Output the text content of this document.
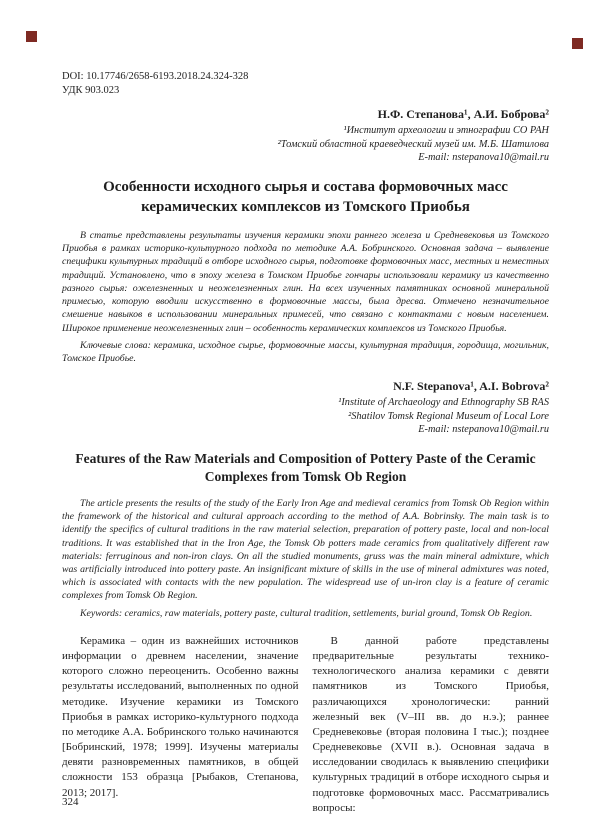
DOI: 10.17746/2658-6193.2018.24.324-328
УДК 903.023
Н.Ф. Степанова¹, А.И. Боброва²
¹Институт археологии и этнографии СО РАН
²Томский областной краеведческий музей им. М.Б. Шатилова
E-mail: nstepanova10@mail.ru
Особенности исходного сырья и состава формовочных масс керамических комплексов из Томского Приобья

В статье представлены результаты изучения керамики эпохи раннего железа и Средневековья из Томского Приобья в рамках историко-культурного подхода по методике А.А. Бобринского. Основная задача – выявление специфики культурных традиций в отборе исходного сырья, подготовке формовочных масс, местных и неместных традиций. Установлено, что в эпоху железа в Томском Приобье гончары использовали керамику из качественно разного сырья: ожелезненных и неожелезненных глин. На всех изученных памятниках основной минеральной примесью, которую вводили искусственно в формовочные массы, была дресва. Отмечено незначительное смешение навыков в использовании минеральных примесей, что связано с контактами с новым населением. Широкое применение неожелезненных глин – особенность керамических комплексов из Томского Приобья.

Ключевые слова: керамика, исходное сырье, формовочные массы, культурная традиция, городища, могильник, Томское Приобье.

N.F. Stepanova¹, A.I. Bobrova²
¹Institute of Archaeology and Ethnography SB RAS
²Shatilov Tomsk Regional Museum of Local Lore
E-mail: nstepanova10@mail.ru
Features of the Raw Materials and Composition of Pottery Paste of the Ceramic Complexes from Tomsk Ob Region

The article presents the results of the study of the Early Iron Age and medieval ceramics from Tomsk Ob Region within the framework of the historical and cultural approach according to the method of A.A. Bobrinsky. The main task is to identify the specifics of cultural traditions in the raw material selection, preparation of pottery paste, local and non-local traditions. It was established that in the Iron Age, the Tomsk Ob potters made ceramics from qualitatively different raw materials: ferruginous and non-iron clays. On all the studied monuments, gruss was the main mineral admixture, which was artificially introduced into pottery paste. An insignificant mixture of skills in the use of mineral admixtures was noted, which is associated with contacts with the new population. The widespread use of un-iron clay is a feature of ceramic complexes from Tomsk Ob Region.

Keywords: ceramics, raw materials, pottery paste, cultural tradition, settlements, burial ground, Tomsk Ob Region.

Керамика – один из важнейших источников информации о древнем населении, значение которого сложно переоценить. Особенно важны результаты исследований, выполненных по одной методике. Изучение керамики из Томского Приобья в рамках историко-культурного подхода по методике А.А. Бобринского только начинаются [Бобринский, 1978; 1999]. Изучены материалы девяти разновременных памятников, в общей сложности 153 образца [Рыбаков, Степанова, 2013; 2017].

В данной работе представлены предварительные результаты технико-технологического анализа керамики с девяти памятников из Томского Приобья, различающихся хронологически: ранний железный век (V–III вв. до н.э.); раннее Средневековье (вторая половина I тыс.); позднее Средневековье (XVII в.). Основная задача в исследовании сводилась к выявлению специфики культурных традиций в отборе исходного сырья и подготовке формовочных масс. Рассматривались вопросы:

324
